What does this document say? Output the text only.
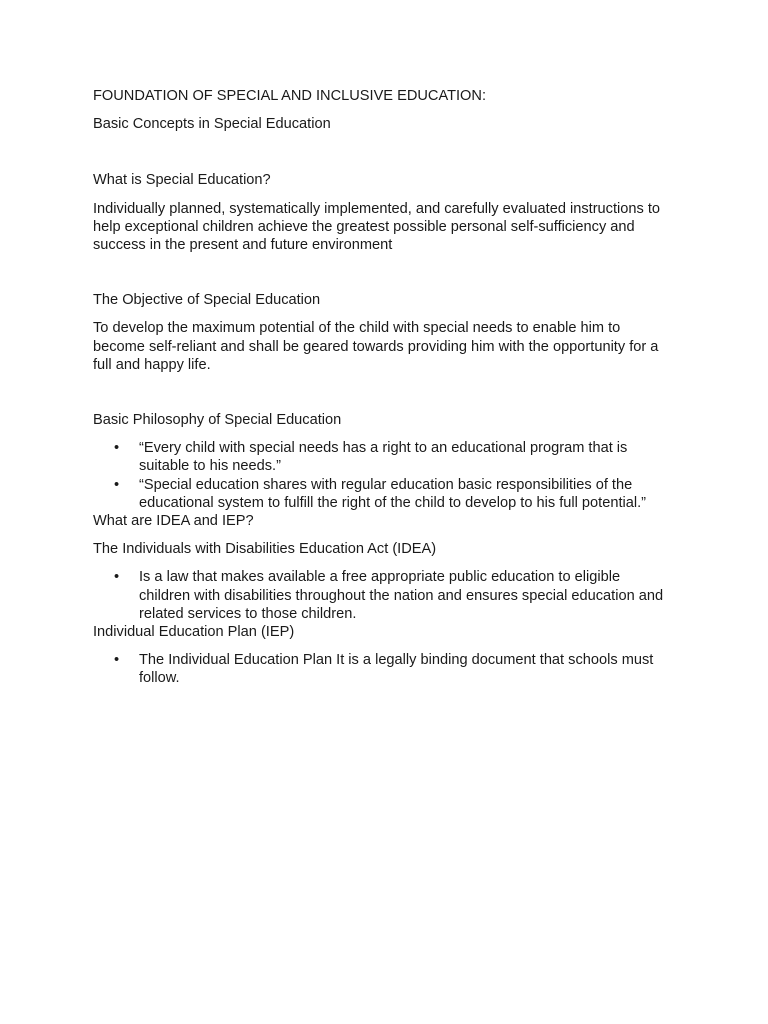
FOUNDATION OF SPECIAL AND INCLUSIVE EDUCATION:

Basic Concepts in Special Education

What is Special Education?

Individually planned, systematically implemented, and carefully evaluated instructions to help exceptional children achieve the greatest possible personal self-sufficiency and success in the present and future environment

The Objective of Special Education

To develop the maximum potential of the child with special needs to enable him to become self-reliant and shall be geared towards providing him with the opportunity for a full and happy life.

Basic Philosophy of Special Education

• “Every child with special needs has a right to an educational program that is suitable to his needs.”
• “Special education shares with regular education basic responsibilities of the educational system to fulfill the right of the child to develop to his full potential.”

What are IDEA and IEP?

The Individuals with Disabilities Education Act (IDEA)

• Is a law that makes available a free appropriate public education to eligible children with disabilities throughout the nation and ensures special education and related services to those children.

Individual Education Plan (IEP)

• The Individual Education Plan It is a legally binding document that schools must follow.
